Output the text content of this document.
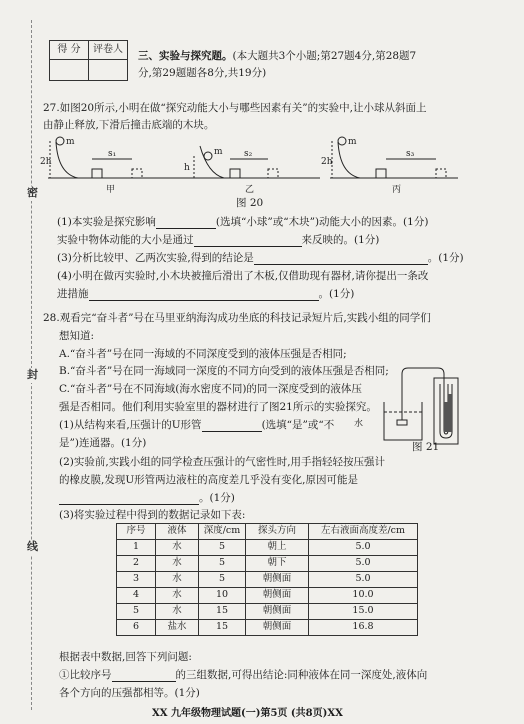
密
封
线
得 分	评卷人

三、实验与探究题。(本大题共3个小题;第27题4分,第28题7
分,第29题题各8分,共19分)
27.如图20所示,小明在做“探究动能大小与哪些因素有关”的实验中,让小球从斜面上
由静止释放,下滑后撞击底端的木块。
m
2h
s₁	m
h
s₂
m
2h
s₃
甲	乙	丙
图 20
(1)本实验是探究影响	(选填“小球”或“木块”)动能大小的因素。(1分)
实验中物体动能的大小是通过	来反映的。(1分)
(3)分析比较甲、乙两次实验,得到的结论是	。(1分)
(4)小明在做丙实验时,小木块被撞后滑出了木板,仅借助现有器材,请你提出一条改
进措施	。(1分)
28.观看完“奋斗者”号在马里亚纳海沟成功坐底的科技记录短片后,实践小组的同学们
想知道:
A.“奋斗者”号在同一海域的不同深度受到的液体压强是否相同;
B.“奋斗者”号在同一海域同一深度的不同方向受到的液体压强是否相同;
C.“奋斗者”号在不同海域(海水密度不同)的同一深度受到的液体压
强是否相同。他们利用实验室里的器材进行了图21所示的实验探究。
(1)从结构来看,压强计的U形管	(选填“是”或“不
是”)连通器。(1分)
水
图 21
(2)实验前,实践小组的同学检查压强计的气密性时,用手指轻轻按压强计
的橡皮膜,发现U形管两边液柱的高度差几乎没有变化,原因可能是
。(1分)
(3)将实验过程中得到的数据记录如下表:
序号	液体	深度/cm	探头方向	左右液面高度差/cm
1	水	5	朝上	5.0
2	水	5	朝下	5.0
3	水	5	朝侧面	5.0
4	水	10	朝侧面	10.0
5	水	15	朝侧面	15.0
6	盐水	15	朝侧面	16.8
根据表中数据,回答下列问题:
①比较序号	的三组数据,可得出结论:同种液体在同一深度处,液体向
各个方向的压强都相等。(1分)
XX 九年级物理试题(一)第5页 (共8页)XX
